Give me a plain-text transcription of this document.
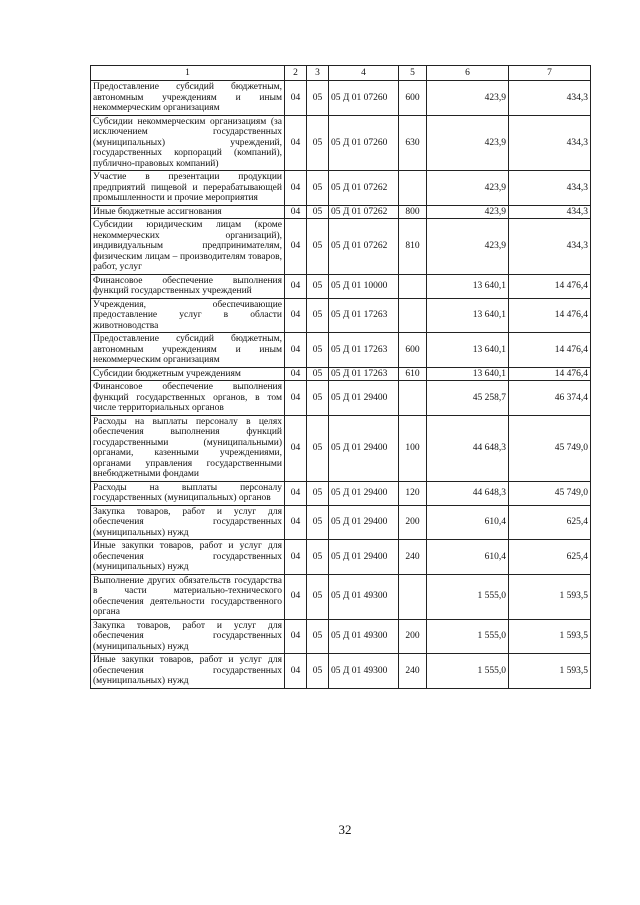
1	2	3	4	5	6	7
Предоставление субсидий бюджетным, автономным учреждениям и иным некоммерческим организациям	04	05	05 Д 01 07260	600	423,9	434,3
Субсидии некоммерческим организациям (за исключением государственных (муниципальных) учреждений, государственных корпораций (компаний), публично-правовых компаний)	04	05	05 Д 01 07260	630	423,9	434,3
Участие в презентации продукции предприятий пищевой и перерабатывающей промышленности и прочие мероприятия	04	05	05 Д 01 07262		423,9	434,3
Иные бюджетные ассигнования	04	05	05 Д 01 07262	800	423,9	434,3
Субсидии юридическим лицам (кроме некоммерческих организаций), индивидуальным предпринимателям, физическим лицам – производителям товаров, работ, услуг	04	05	05 Д 01 07262	810	423,9	434,3
Финансовое обеспечение выполнения функций государственных учреждений	04	05	05 Д 01 10000		13 640,1	14 476,4
Учреждения, обеспечивающие предоставление услуг в области животноводства	04	05	05 Д 01 17263		13 640,1	14 476,4
Предоставление субсидий бюджетным, автономным учреждениям и иным некоммерческим организациям	04	05	05 Д 01 17263	600	13 640,1	14 476,4
Субсидии бюджетным учреждениям	04	05	05 Д 01 17263	610	13 640,1	14 476,4
Финансовое обеспечение выполнения функций государственных органов, в том числе территориальных органов	04	05	05 Д 01 29400		45 258,7	46 374,4
Расходы на выплаты персоналу в целях обеспечения выполнения функций государственными (муниципальными) органами, казенными учреждениями, органами управления государственными внебюджетными фондами	04	05	05 Д 01 29400	100	44 648,3	45 749,0
Расходы на выплаты персоналу государственных (муниципальных) органов	04	05	05 Д 01 29400	120	44 648,3	45 749,0
Закупка товаров, работ и услуг для обеспечения государственных (муниципальных) нужд	04	05	05 Д 01 29400	200	610,4	625,4
Иные закупки товаров, работ и услуг для обеспечения государственных (муниципальных) нужд	04	05	05 Д 01 29400	240	610,4	625,4
Выполнение других обязательств государства в части материально-технического обеспечения деятельности государственного органа	04	05	05 Д 01 49300		1 555,0	1 593,5
Закупка товаров, работ и услуг для обеспечения государственных (муниципальных) нужд	04	05	05 Д 01 49300	200	1 555,0	1 593,5
Иные закупки товаров, работ и услуг для обеспечения государственных (муниципальных) нужд	04	05	05 Д 01 49300	240	1 555,0	1 593,5
32
